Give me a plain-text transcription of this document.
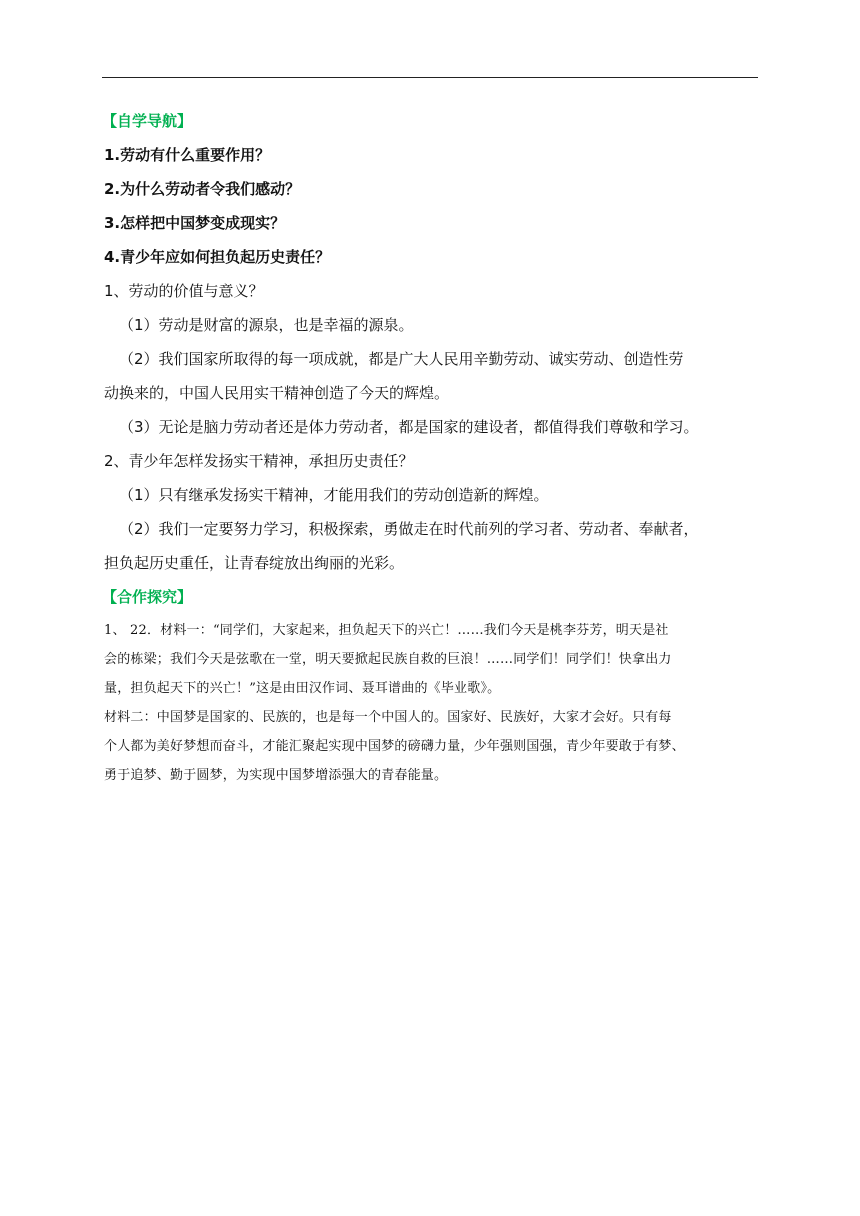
【自学导航】
1.劳动有什么重要作用？
2.为什么劳动者令我们感动？
3.怎样把中国梦变成现实？
4.青少年应如何担负起历史责任？
1、劳动的价值与意义？
（1）劳动是财富的源泉，也是幸福的源泉。
（2）我们国家所取得的每一项成就，都是广大人民用辛勤劳动、诚实劳动、创造性劳
动换来的，中国人民用实干精神创造了今天的辉煌。
（3）无论是脑力劳动者还是体力劳动者，都是国家的建设者，都值得我们尊敬和学习。
2、青少年怎样发扬实干精神，承担历史责任？
（1）只有继承发扬实干精神，才能用我们的劳动创造新的辉煌。
（2）我们一定要努力学习，积极探索，勇做走在时代前列的学习者、劳动者、奉献者，
担负起历史重任，让青春绽放出绚丽的光彩。
【合作探究】
1、 22．材料一：“同学们，大家起来，担负起天下的兴亡！……我们今天是桃李芬芳，明天是社
会的栋梁；我们今天是弦歌在一堂，明天要掀起民族自救的巨浪！……同学们！同学们！快拿出力
量，担负起天下的兴亡！”这是由田汉作词、聂耳谱曲的《毕业歌》。
材料二：中国梦是国家的、民族的，也是每一个中国人的。国家好、民族好，大家才会好。只有每
个人都为美好梦想而奋斗，才能汇聚起实现中国梦的磅礴力量，少年强则国强，青少年要敢于有梦、
勇于追梦、勤于圆梦，为实现中国梦增添强大的青春能量。
